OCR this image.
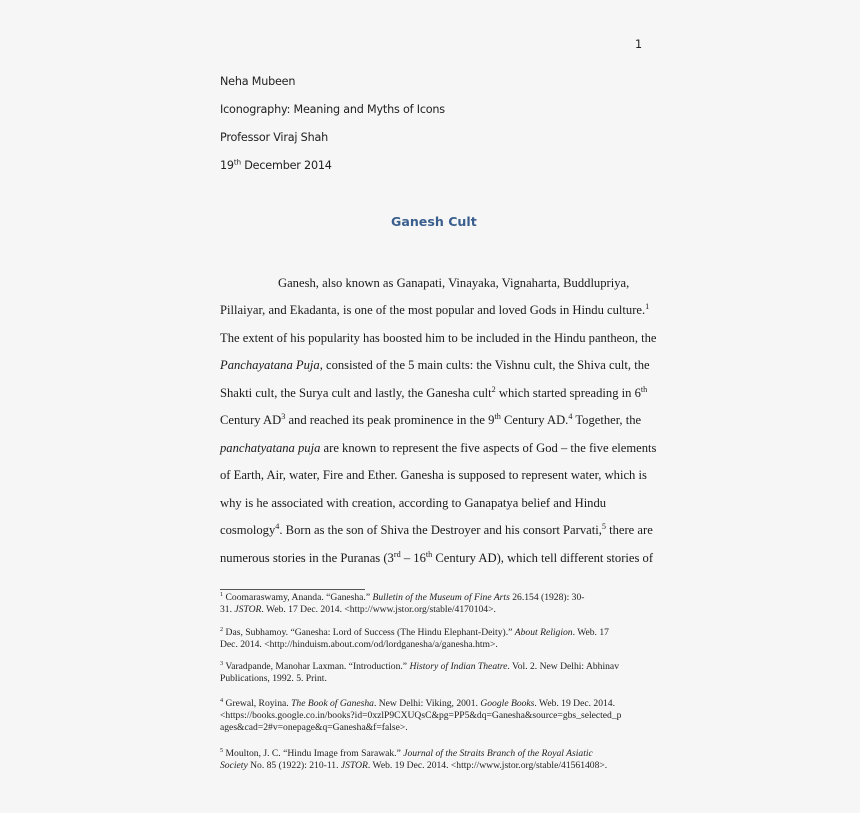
1
Neha Mubeen
Iconography: Meaning and Myths of Icons
Professor Viraj Shah
19th December 2014
Ganesh Cult
Ganesh, also known as Ganapati, Vinayaka, Vignaharta, Buddlupriya,
Pillaiyar, and Ekadanta, is one of the most popular and loved Gods in Hindu culture.$^1$
The extent of his popularity has boosted him to be included in the Hindu pantheon, the
Panchayatana Puja, consisted of the 5 main cults: the Vishnu cult, the Shiva cult, the
Shakti cult, the Surya cult and lastly, the Ganesha cult$^2$ which started spreading in 6th
Century $AD^3$ and reached its peak prominence in the 9th Century AD.$^4$ Together, the
panchatyatana puja are known to represent the five aspects of God – the five elements
of Earth, Air, water, Fire and Ether. Ganesha is supposed to represent water, which is
why is he associated with creation, according to Ganapatya belief and Hindu
cosmology$^4$. Born as the son of Shiva the Destroyer and his consort Parvati,$^5$ there are
numerous stories in the Puranas (3rd – 16th Century AD), which tell different stories of
$^1$ Coomaraswamy, Ananda. “Ganesha.” Bulletin of the Museum of Fine Arts 26.154 (1928): 30-
31. JSTOR. Web. 17 Dec. 2014. <http://www.jstor.org/stable/4170104>.
$^2$ Das, Subhamoy. “Ganesha: Lord of Success (The Hindu Elephant-Deity).” About Religion. Web. 17
Dec. 2014. <http://hinduism.about.com/od/lordganesha/a/ganesha.htm>.
$^3$ Varadpande, Manohar Laxman. “Introduction.” History of Indian Theatre. Vol. 2. New Delhi: Abhinav
Publications, 1992. 5. Print.
$^4$ Grewal, Royina. The Book of Ganesha. New Delhi: Viking, 2001. Google Books. Web. 19 Dec. 2014.
<https://books.google.co.in/books?id=0xzlP9CXUQsC&pg=PP5&dq=Ganesha&source=gbs_selected_p
ages&cad=2#v=onepage&q=Ganesha&f=false>.
$^5$ Moulton, J. C. “Hindu Image from Sarawak.” Journal of the Straits Branch of the Royal Asiatic
Society No. 85 (1922): 210-11. JSTOR. Web. 19 Dec. 2014. <http://www.jstor.org/stable/41561408>.
